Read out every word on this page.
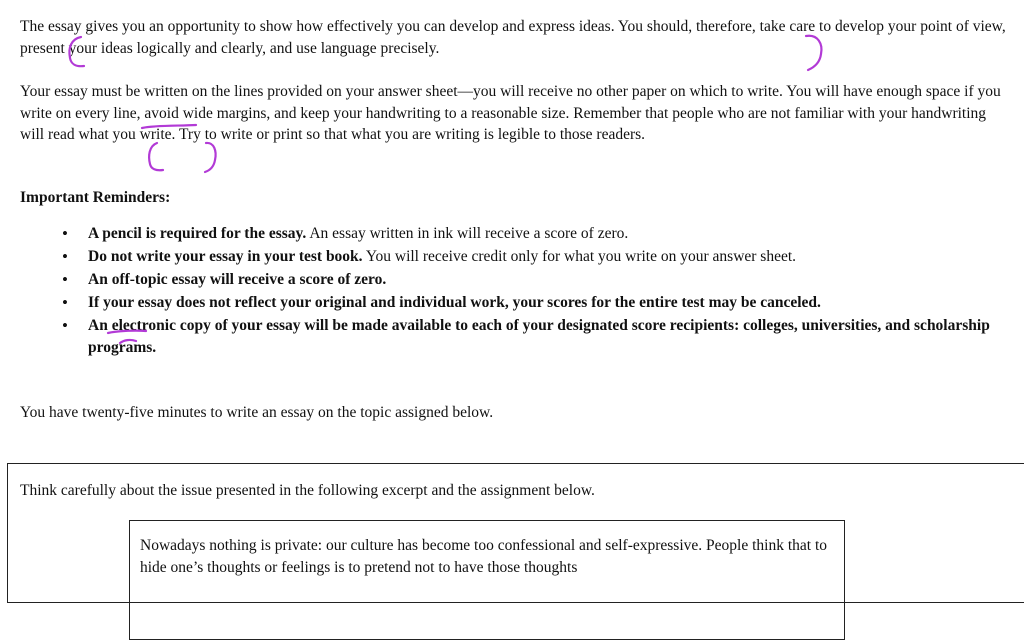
The essay gives you an opportunity to show how effectively you can develop and express ideas. You should, therefore, take care to develop your point of view, present your ideas logically and clearly, and use language precisely.

Your essay must be written on the lines provided on your answer sheet—you will receive no other paper on which to write. You will have enough space if you write on every line, avoid wide margins, and keep your handwriting to a reasonable size. Remember that people who are not familiar with your handwriting will read what you write. Try to write or print so that what you are writing is legible to those readers.

Important Reminders:

• A pencil is required for the essay. An essay written in ink will receive a score of zero.
• Do not write your essay in your test book. You will receive credit only for what you write on your answer sheet.
• An off-topic essay will receive a score of zero.
• If your essay does not reflect your original and individual work, your scores for the entire test may be canceled.
• An electronic copy of your essay will be made available to each of your designated score recipients: colleges, universities, and scholarship programs.

You have twenty-five minutes to write an essay on the topic assigned below.

Think carefully about the issue presented in the following excerpt and the assignment below.

Nowadays nothing is private: our culture has become too confessional and self-expressive. People think that to hide one’s thoughts or feelings is to pretend not to have those thoughts
